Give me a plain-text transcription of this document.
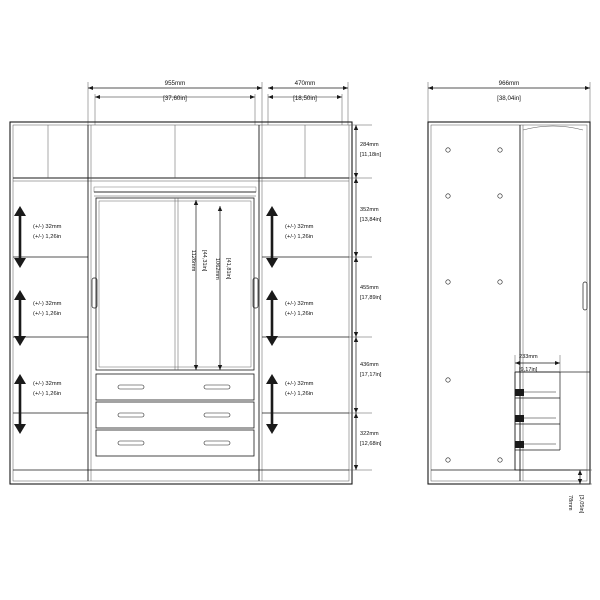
955mm
[37,60in]
470mm
[18,50in]
(+/-) 32mm
(+/-) 1,26in
(+/-) 32mm
(+/-) 1,26in
(+/-) 32mm
(+/-) 1,26in
(+/-) 32mm
(+/-) 1,26in
(+/-) 32mm
(+/-) 1,26in
(+/-) 32mm
(+/-) 1,26in
1126mm [44,31in] 1062mm [41,81in]
284mm
[11,18in]
352mm
[13,84in]
455mm
[17,89in]
436mm
[17,17in]
322mm
[12,68in]
966mm
[38,04in]
233mm
[9,17in]
78mm [3,05in]
